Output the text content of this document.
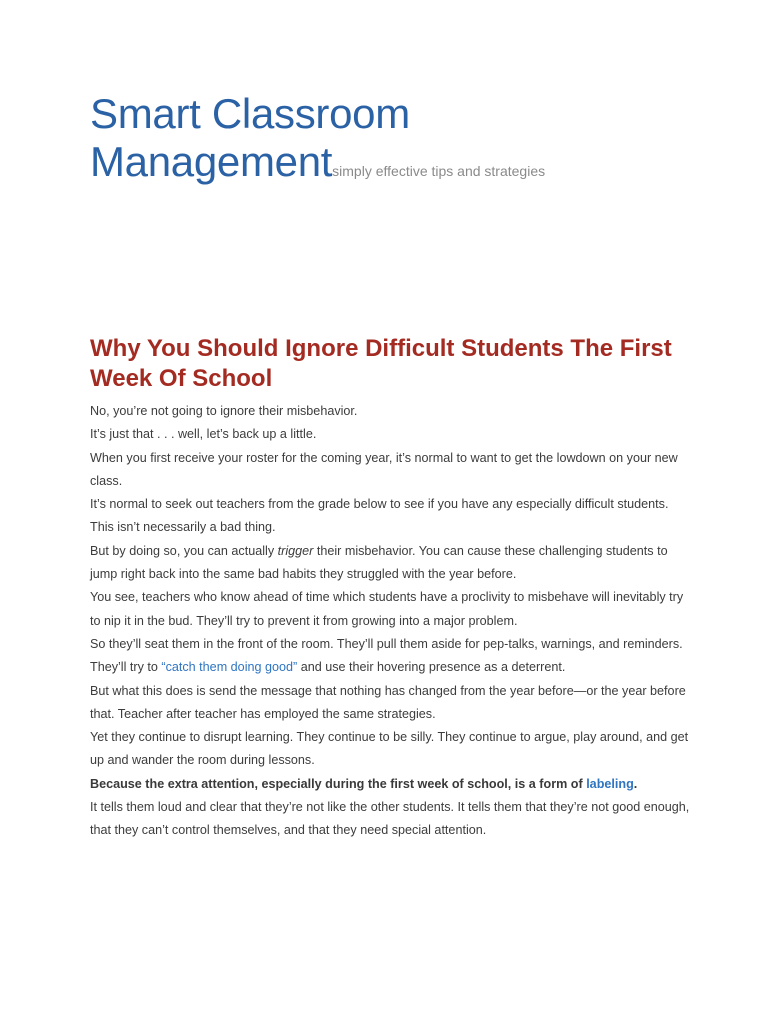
Smart Classroom
Managementsimply effective tips and strategies
Why You Should Ignore Difficult Students The First Week Of School

No, you’re not going to ignore their misbehavior.

It’s just that . . . well, let’s back up a little.

When you first receive your roster for the coming year, it’s normal to want to get the lowdown on your new class.

It’s normal to seek out teachers from the grade below to see if you have any especially difficult students.

This isn’t necessarily a bad thing.

But by doing so, you can actually trigger their misbehavior. You can cause these challenging students to jump right back into the same bad habits they struggled with the year before.

You see, teachers who know ahead of time which students have a proclivity to misbehave will inevitably try to nip it in the bud. They’ll try to prevent it from growing into a major problem.

So they’ll seat them in the front of the room. They’ll pull them aside for pep-talks, warnings, and reminders.

They’ll try to “catch them doing good” and use their hovering presence as a deterrent.

But what this does is send the message that nothing has changed from the year before—or the year before that. Teacher after teacher has employed the same strategies.

Yet they continue to disrupt learning. They continue to be silly. They continue to argue, play around, and get up and wander the room during lessons.

Because the extra attention, especially during the first week of school, is a form of labeling.

It tells them loud and clear that they’re not like the other students. It tells them that they’re not good enough, that they can’t control themselves, and that they need special attention.
